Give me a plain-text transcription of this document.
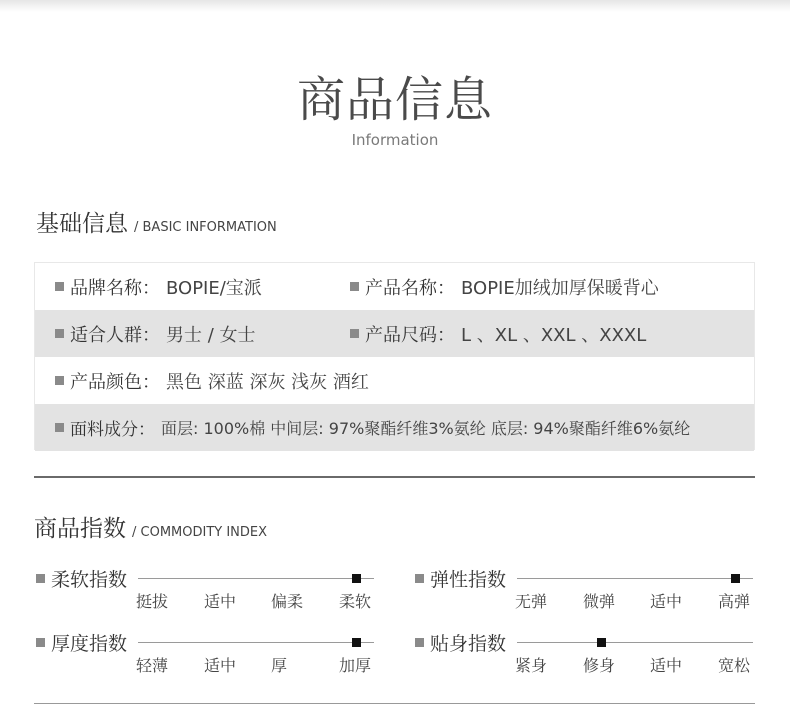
商品信息
Information
基础信息 / BASIC INFORMATION
品牌名称： BOPIE/宝派	产品名称： BOPIE加绒加厚保暖背心
适合人群： 男士 / 女士	产品尺码： L 、XL 、XXL 、XXXL
产品颜色： 黑色 深蓝 深灰 浅灰 酒红
面料成分： 面层: 100%棉 中间层: 97%聚酯纤维3%氨纶 底层: 94%聚酯纤维6%氨纶
商品指数 / COMMODITY INDEX
柔软指数
挺拔 适中 偏柔 柔软
弹性指数
无弹 微弹 适中 高弹
厚度指数
轻薄 适中 厚	加厚
贴身指数
紧身 修身 适中 宽松
